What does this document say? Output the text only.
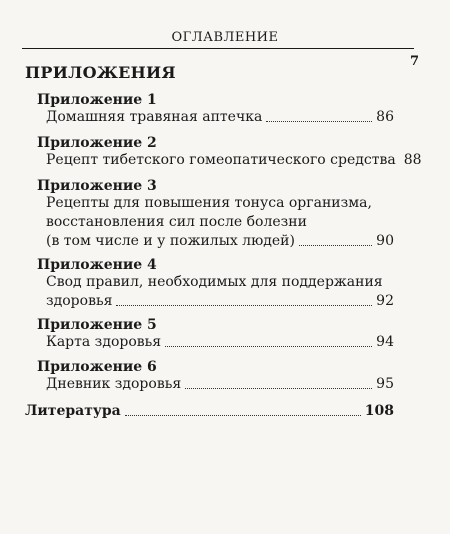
ОГЛАВЛЕНИЕ
7
ПРИЛОЖЕНИЯ
Приложение 1
Домашняя травяная аптечка	86
Приложение 2
Рецепт тибетского гомеопатического средства 88
Приложение 3
Рецепты для повышения тонуса организма,
восстановления сил после болезни
(в том числе и у пожилых людей)	90
Приложение 4
Свод правил, необходимых для поддержания
здоровья	92
Приложение 5
Карта здоровья	94
Приложение 6
Дневник здоровья	95
Литература	108
